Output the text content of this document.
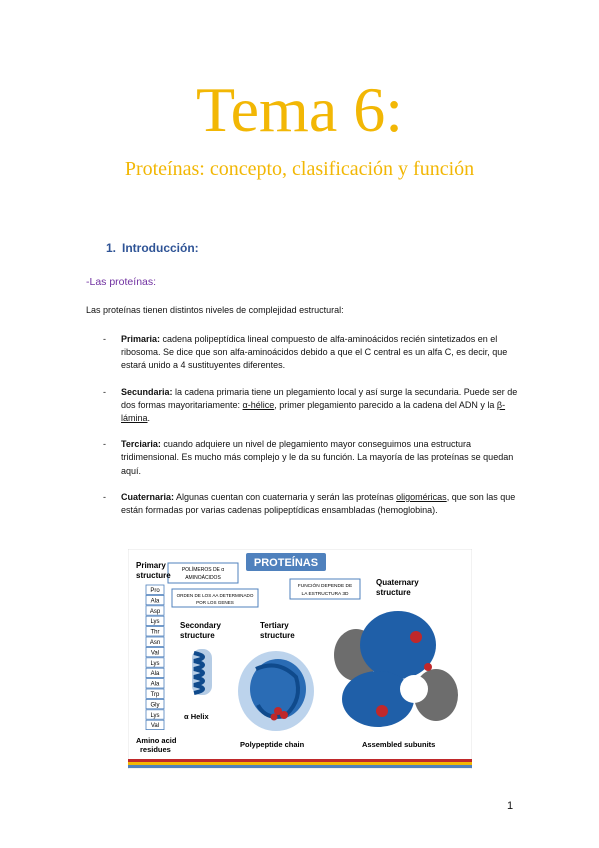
Tema 6:
Proteínas: concepto, clasificación y función
1. Introducción:
-Las proteínas:
Las proteínas tienen distintos niveles de complejidad estructural:
- Primaria: cadena polipeptídica lineal compuesto de alfa-aminoácidos recién sintetizados en el ribosoma. Se dice que son alfa-aminoácidos debido a que el C central es un alfa C, es decir, que estará unido a 4 sustituyentes diferentes.
- Secundaria: la cadena primaria tiene un plegamiento local y así surge la secundaria. Puede ser de dos formas mayoritariamente: α-hélice, primer plegamiento parecido a la cadena del ADN y la β-lámina.
- Terciaria: cuando adquiere un nivel de plegamiento mayor conseguimos una estructura tridimensional. Es mucho más complejo y le da su función. La mayoría de las proteínas se quedan aquí.
- Cuaternaria: Algunas cuentan con cuaternaria y serán las proteínas oligoméricas, que son las que están formadas por varias cadenas polipeptídicas ensambladas (hemoglobina).
PROTEÍNAS
POLÍMEROS DE α
AMINOÁCIDOS
ORDEN DE LOS AA DETERMINADO
POR LOS GENES
FUNCIÓN DEPENDE DE
LA ESTRUCTURA 3D
Primary
structure
Secondary
structure
Tertiary
structure
Quaternary
structure
Pro
Ala
Asp
Lys
Thr
Asn
Val
Lys
Ala
Ala
Trp
Gly
Lys
Val
α Helix
Amino acid
residues
Polypeptide chain	Assembled subunits
1
